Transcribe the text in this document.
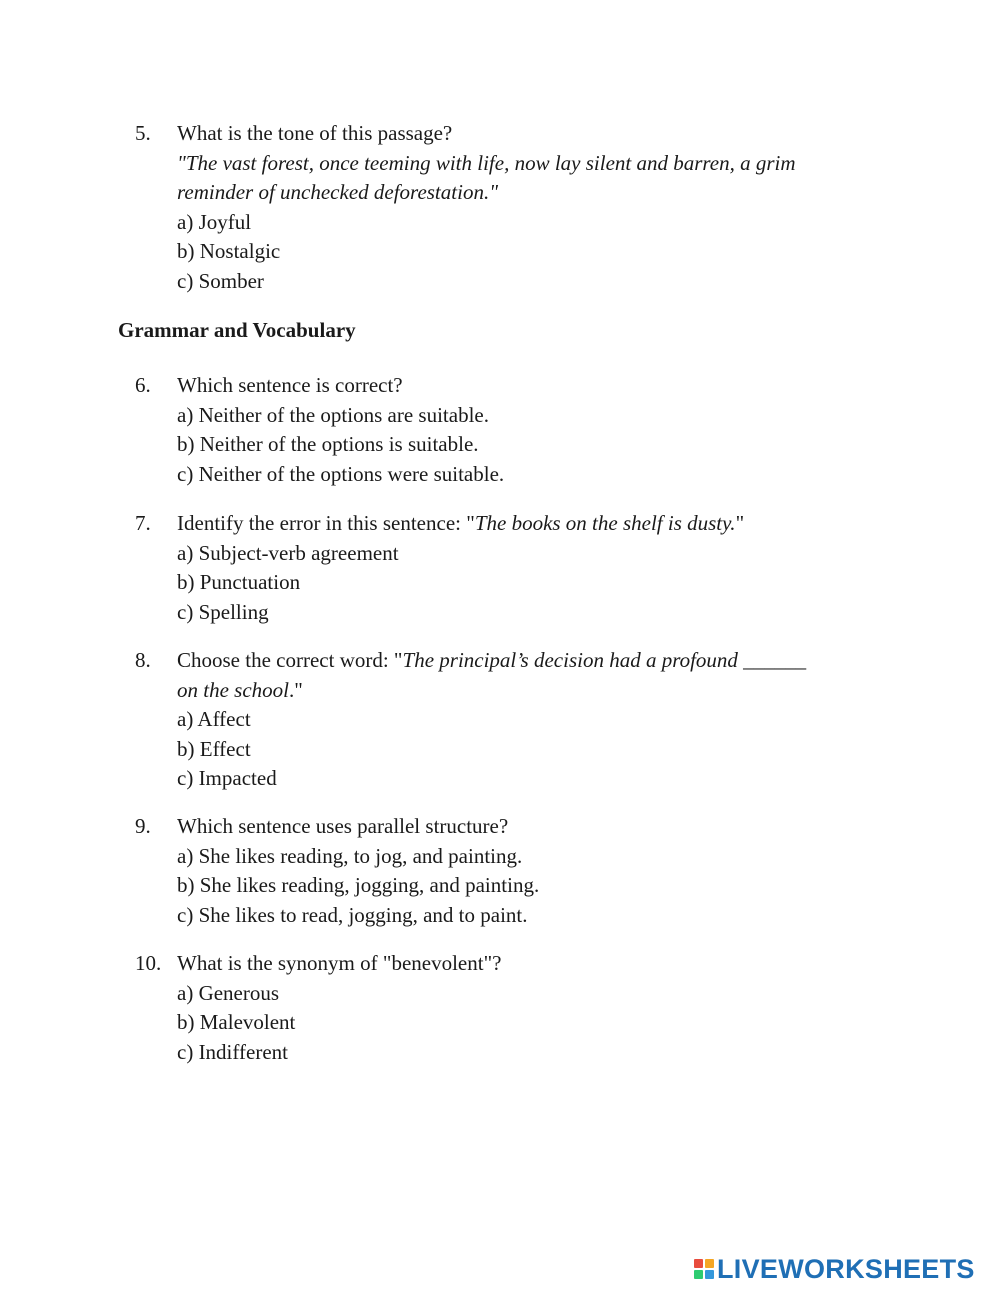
5. What is the tone of this passage?
"The vast forest, once teeming with life, now lay silent and barren, a grim
reminder of unchecked deforestation."
a) Joyful
b) Nostalgic
c) Somber
Grammar and Vocabulary
6. Which sentence is correct?
a) Neither of the options are suitable.
b) Neither of the options is suitable.
c) Neither of the options were suitable.
7. Identify the error in this sentence: "The books on the shelf is dusty."
a) Subject-verb agreement
b) Punctuation
c) Spelling
8. Choose the correct word: "The principal’s decision had a profound ______
on the school."
a) Affect
b) Effect
c) Impacted
9. Which sentence uses parallel structure?
a) She likes reading, to jog, and painting.
b) She likes reading, jogging, and painting.
c) She likes to read, jogging, and to paint.
10. What is the synonym of "benevolent"?
a) Generous
b) Malevolent
c) Indifferent
LIVEWORKSHEETS
